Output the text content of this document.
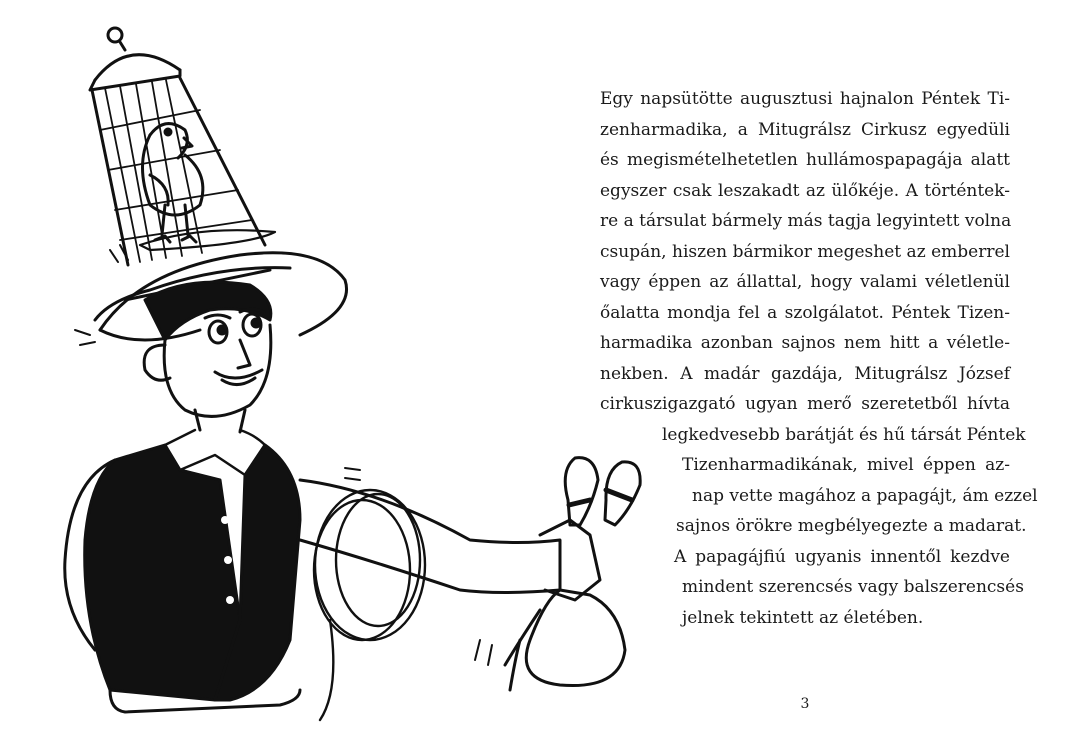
Egy napsütötte augusztusi hajnalon Péntek Ti-
zenharmadika, a Mitugrálsz Cirkusz egyedüli
és megismételhetetlen hullámospapagája alatt
egyszer csak leszakadt az ülőkéje. A történtek-
re a társulat bármely más tagja legyintett volna
csupán, hiszen bármikor megeshet az emberrel
vagy éppen az állattal, hogy valami véletlenül
őalatta mondja fel a szolgálatot. Péntek Tizen-
harmadika azonban sajnos nem hitt a véletle-
nekben. A madár gazdája, Mitugrálsz József
cirkuszigazgató ugyan merő szeretetből hívta
legkedvesebb barátját és hű társát Péntek
Tizenharmadikának, mivel éppen az-
nap vette magához a papagájt, ám ezzel
sajnos örökre megbélyegezte a madarat.
A papagájfiú ugyanis innentől kezdve
mindent szerencsés vagy balszerencsés
jelnek tekintett az életében.
3
